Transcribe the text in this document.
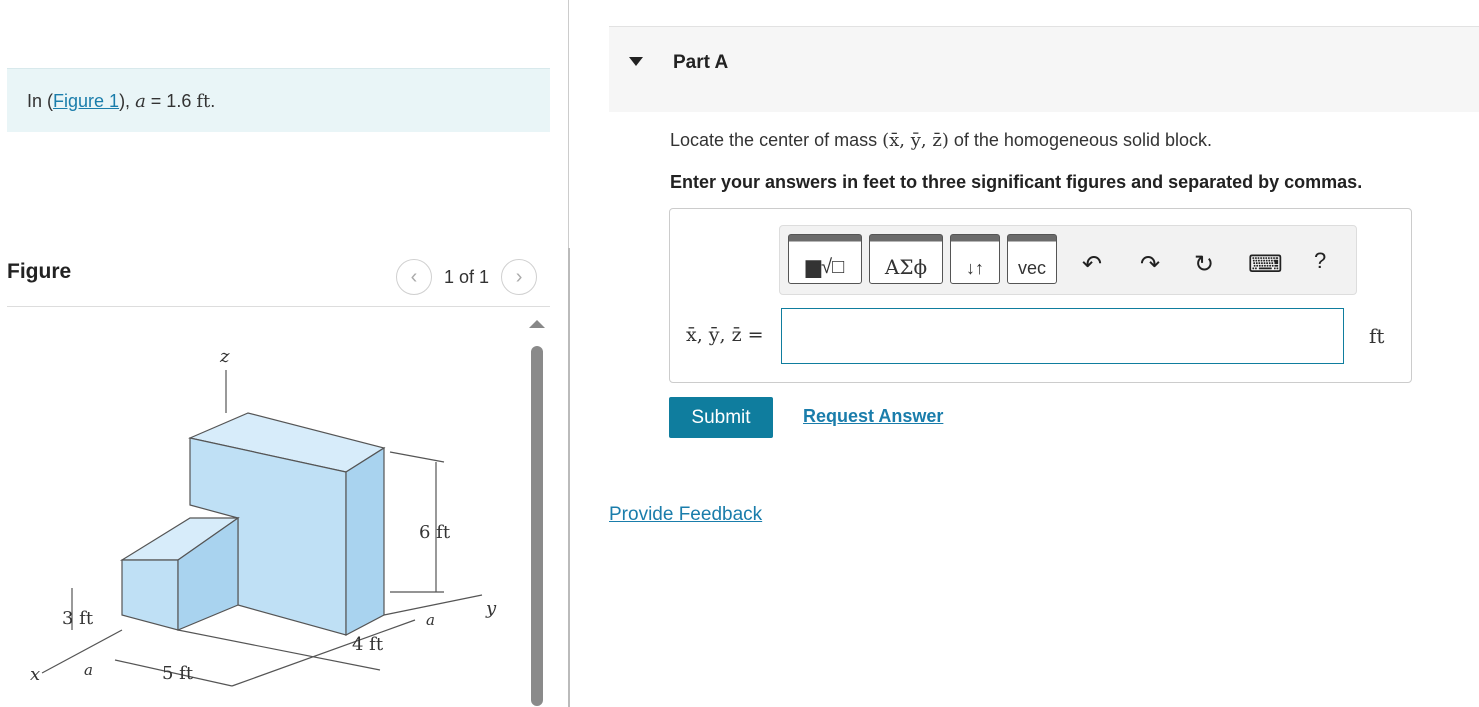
In (Figure 1), a = 1.6 ft.
Figure	‹	1 of 1	›
z
x
y
6 ft
3 ft
5 ft
4 ft
a
a
Part A
Locate the center of mass (x̄, ȳ, z̄) of the homogeneous solid block.
Enter your answers in feet to three significant figures and separated by commas.
▆√□	ΑΣϕ	↓↑	vec	↶ ↷ ↻ ⌨ ?
x̄, ȳ, z̄ =	ft
Submit	Request Answer
Provide Feedback
